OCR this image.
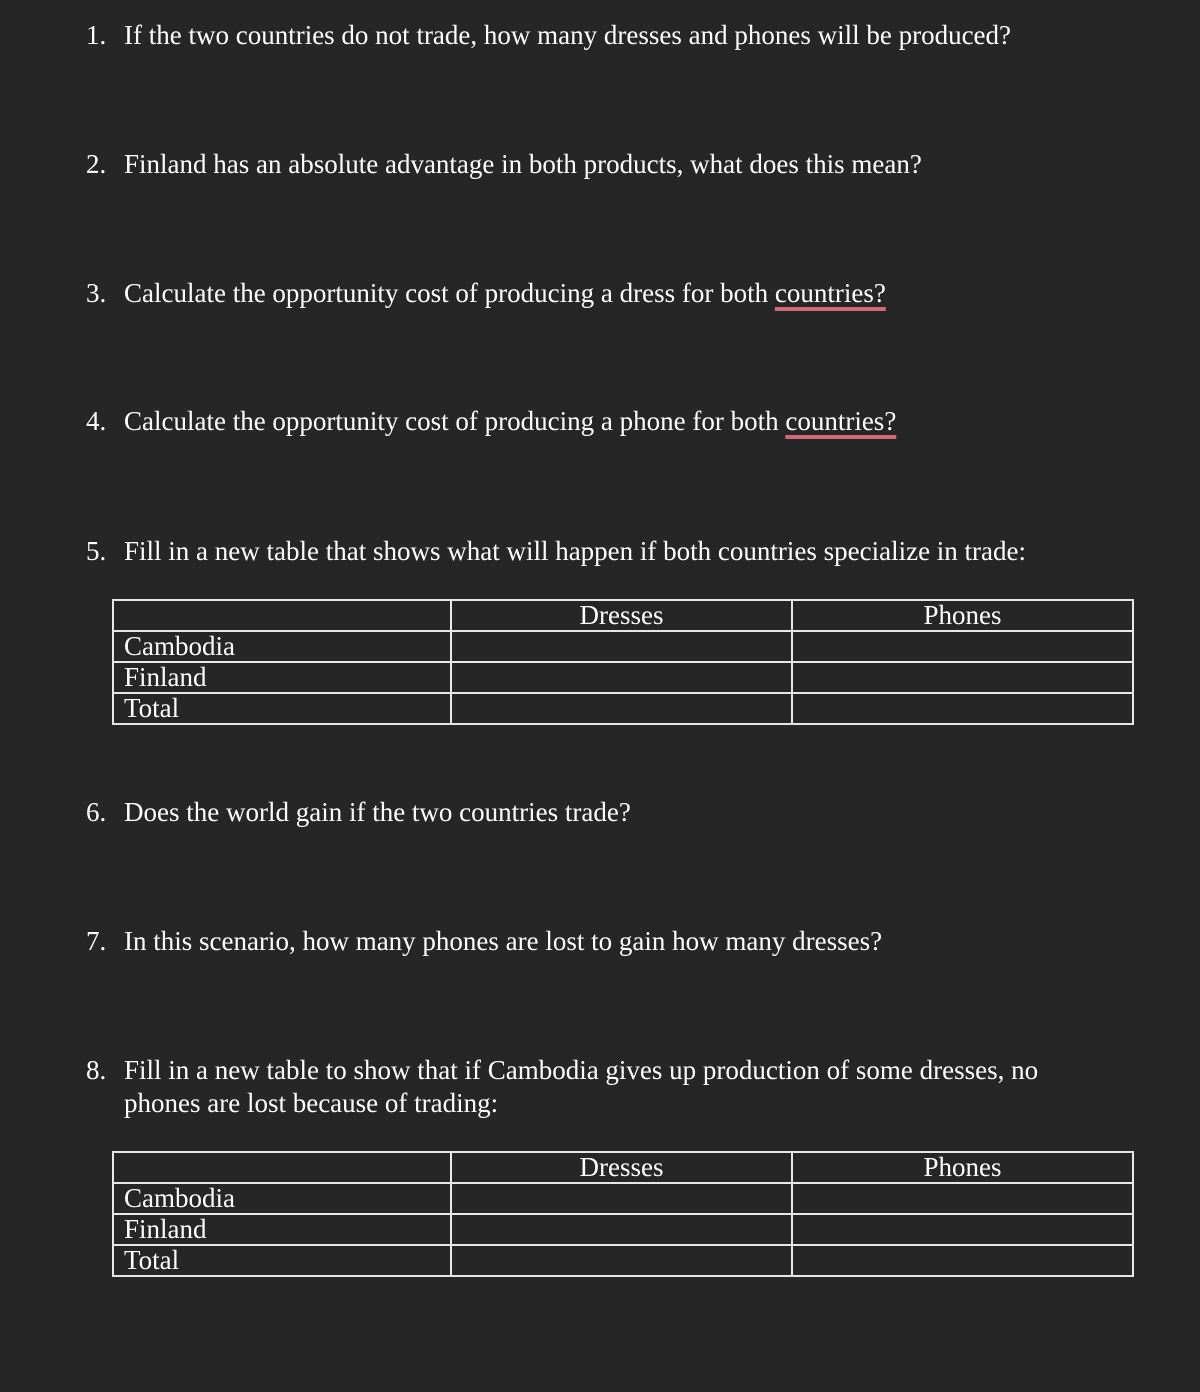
1. If the two countries do not trade, how many dresses and phones will be produced?
2. Finland has an absolute advantage in both products, what does this mean?
3. Calculate the opportunity cost of producing a dress for both countries?
4. Calculate the opportunity cost of producing a phone for both countries?
5. Fill in a new table that shows what will happen if both countries specialize in trade:
	Dresses	Phones
Cambodia		
Finland		
Total		
6. Does the world gain if the two countries trade?
7. In this scenario, how many phones are lost to gain how many dresses?
8. Fill in a new table to show that if Cambodia gives up production of some dresses, no
phones are lost because of trading:
	Dresses	Phones
Cambodia		
Finland		
Total		
